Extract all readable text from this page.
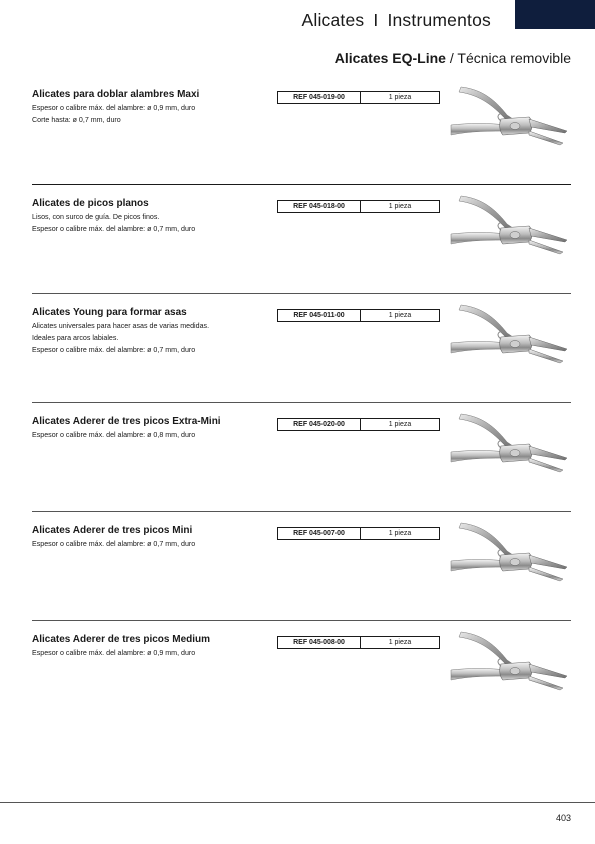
Alicates I Instrumentos
Alicates EQ-Line / Técnica removible
Alicates para doblar alambres Maxi
Espesor o calibre máx. del alambre: ø 0,9 mm, duro
Corte hasta: ø 0,7 mm, duro
REF 045-019-00	1 pieza
Alicates de picos planos
Lisos, con surco de guía. De picos finos.
Espesor o calibre máx. del alambre: ø 0,7 mm, duro
REF 045-018-00	1 pieza
Alicates Young para formar asas
Alicates universales para hacer asas de varias medidas.
Ideales para arcos labiales.
Espesor o calibre máx. del alambre: ø 0,7 mm, duro
REF 045-011-00	1 pieza
Alicates Aderer de tres picos Extra-Mini
Espesor o calibre máx. del alambre: ø 0,8 mm, duro
REF 045-020-00	1 pieza
Alicates Aderer de tres picos Mini
Espesor o calibre máx. del alambre: ø 0,7 mm, duro
REF 045-007-00	1 pieza
Alicates Aderer de tres picos Medium
Espesor o calibre máx. del alambre: ø 0,9 mm, duro
REF 045-008-00	1 pieza
403
